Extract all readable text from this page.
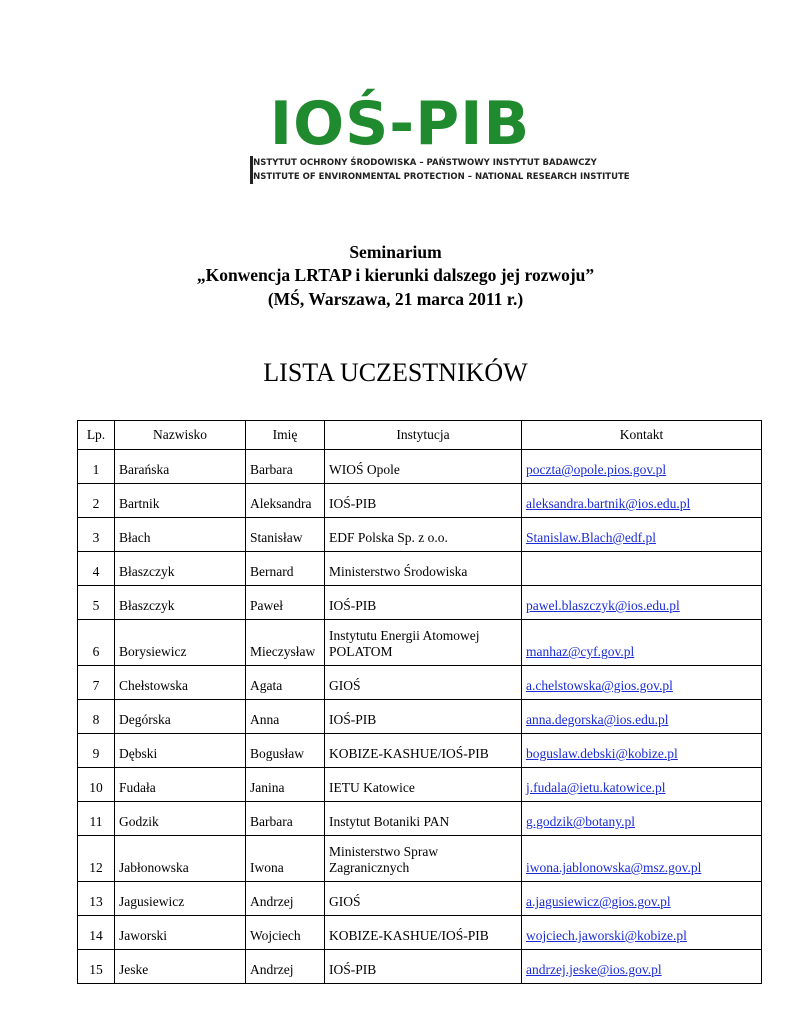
IOŚ-PIB
INSTYTUT OCHRONY ŚRODOWISKA – PAŃSTWOWY INSTYTUT BADAWCZY
INSTITUTE OF ENVIRONMENTAL PROTECTION – NATIONAL RESEARCH INSTITUTE
Seminarium
„Konwencja LRTAP i kierunki dalszego jej rozwoju”
(MŚ, Warszawa, 21 marca 2011 r.)
LISTA UCZESTNIKÓW
Lp.	Nazwisko	Imię	Instytucja	Kontakt
1	Barańska	Barbara	WIOŚ Opole	poczta@opole.pios.gov.pl
2	Bartnik	Aleksandra	IOŚ-PIB	aleksandra.bartnik@ios.edu.pl
3	Błach	Stanisław	EDF Polska Sp. z o.o.	Stanislaw.Blach@edf.pl
4	Błaszczyk	Bernard	Ministerstwo Środowiska	
5	Błaszczyk	Paweł	IOŚ-PIB	pawel.blaszczyk@ios.edu.pl
6	Borysiewicz	Mieczysław	Instytutu Energii Atomowej POLATOM	manhaz@cyf.gov.pl
7	Chełstowska	Agata	GIOŚ	a.chelstowska@gios.gov.pl
8	Degórska	Anna	IOŚ-PIB	anna.degorska@ios.edu.pl
9	Dębski	Bogusław	KOBIZE-KASHUE/IOŚ-PIB	boguslaw.debski@kobize.pl
10	Fudała	Janina	IETU Katowice	j.fudala@ietu.katowice.pl
11	Godzik	Barbara	Instytut Botaniki PAN	g.godzik@botany.pl
12	Jabłonowska	Iwona	Ministerstwo Spraw Zagranicznych	iwona.jablonowska@msz.gov.pl
13	Jagusiewicz	Andrzej	GIOŚ	a.jagusiewicz@gios.gov.pl
14	Jaworski	Wojciech	KOBIZE-KASHUE/IOŚ-PIB	wojciech.jaworski@kobize.pl
15	Jeske	Andrzej	IOŚ-PIB	andrzej.jeske@ios.gov.pl
